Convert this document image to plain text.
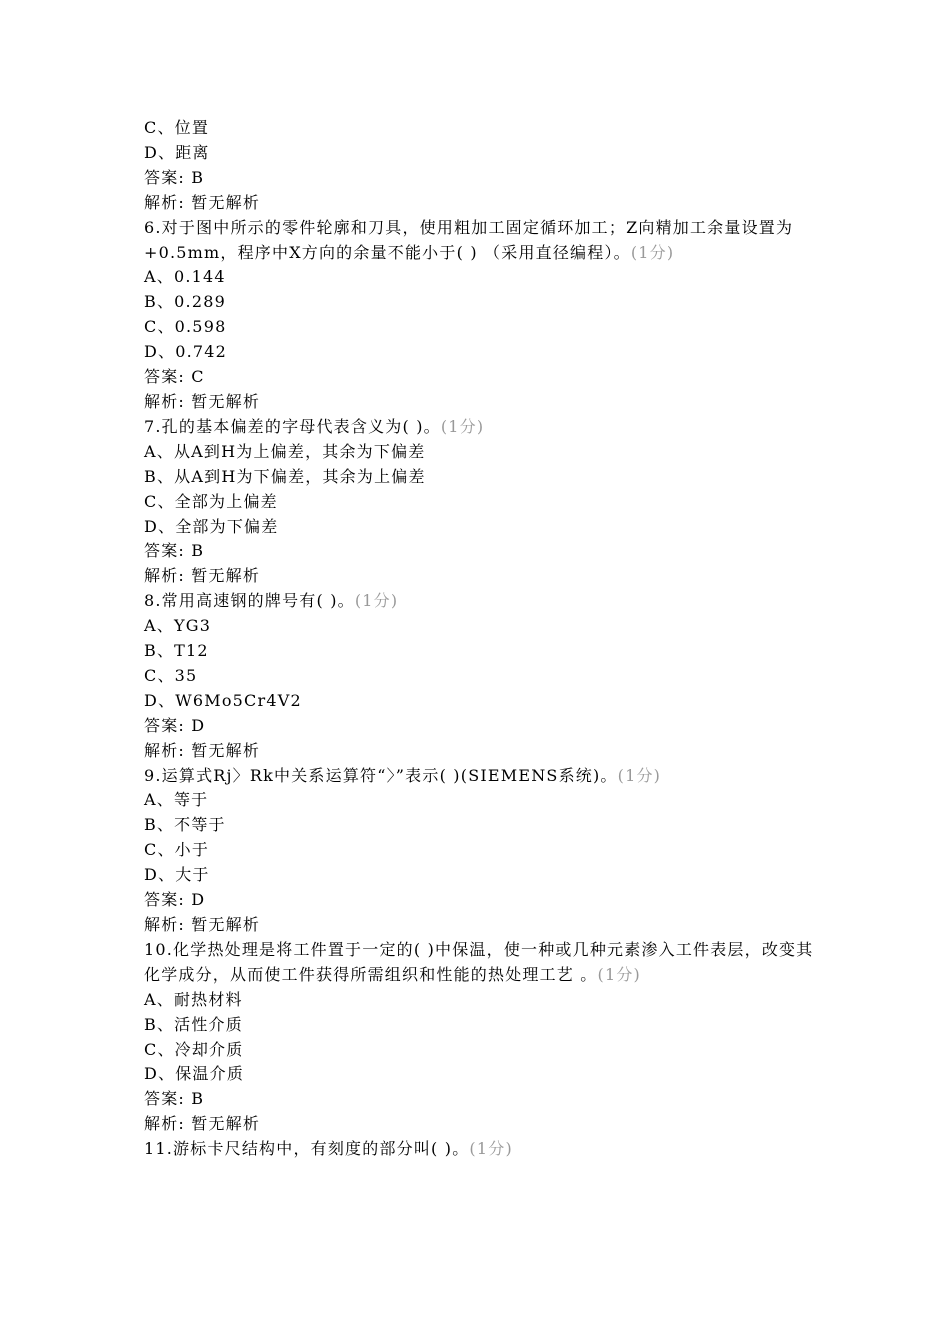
C、位置
D、距离
答案: B
解析: 暂无解析
6.对于图中所示的零件轮廓和刀具，使用粗加工固定循环加工；Z向精加工余量设置为+0.5mm，程序中X方向的余量不能小于( ) （采用直径编程）。(1分)
A、0.144
B、0.289
C、0.598
D、0.742
答案: C
解析: 暂无解析
7.孔的基本偏差的字母代表含义为( )。(1分)
A、从A到H为上偏差，其余为下偏差
B、从A到H为下偏差，其余为上偏差
C、全部为上偏差
D、全部为下偏差
答案: B
解析: 暂无解析
8.常用高速钢的牌号有( )。(1分)
A、YG3
B、T12
C、35
D、W6Mo5Cr4V2
答案: D
解析: 暂无解析
9.运算式Rj〉Rk中关系运算符“〉”表示( )(SIEMENS系统)。(1分)
A、等于
B、不等于
C、小于
D、大于
答案: D
解析: 暂无解析
10.化学热处理是将工件置于一定的( )中保温，使一种或几种元素渗入工件表层，改变其化学成分，从而使工件获得所需组织和性能的热处理工艺 。(1分)
A、耐热材料
B、活性介质
C、冷却介质
D、保温介质
答案: B
解析: 暂无解析
11.游标卡尺结构中，有刻度的部分叫( )。(1分)
